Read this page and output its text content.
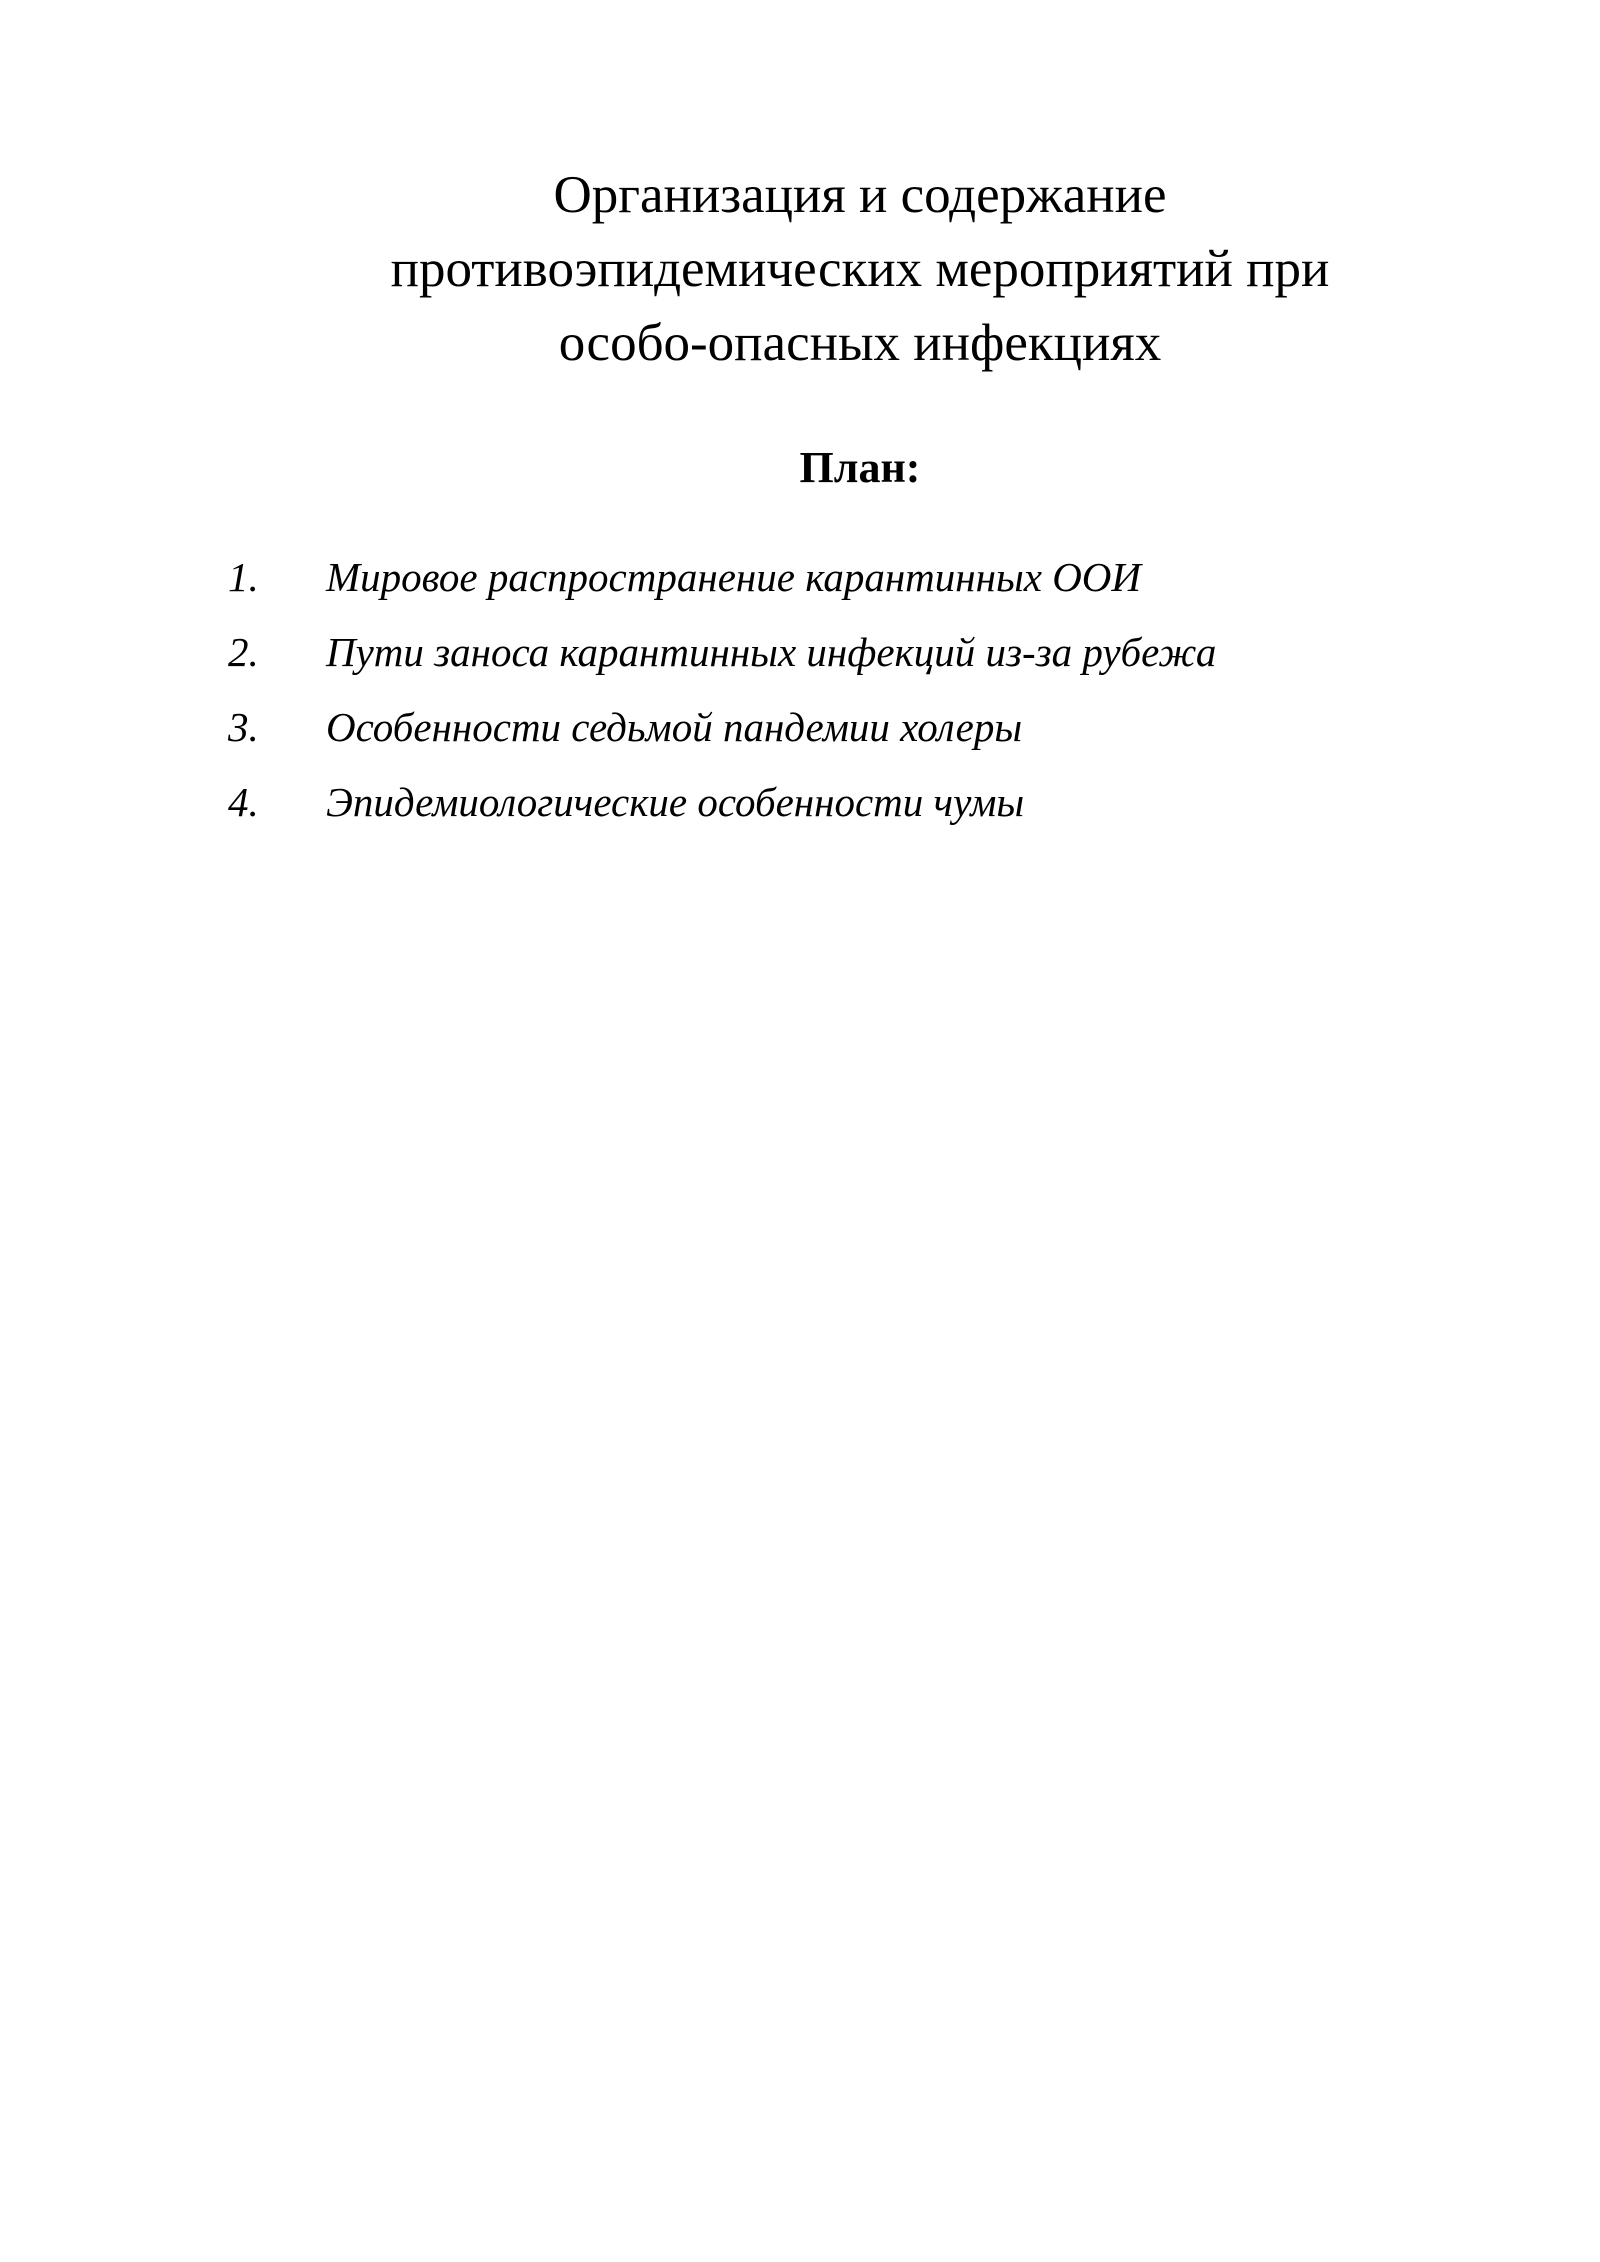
Организация и содержание
противоэпидемических мероприятий при
особо-опасных инфекциях
План:
1. Мировое распространение карантинных ООИ
2. Пути заноса карантинных инфекций из-за рубежа
3. Особенности седьмой пандемии холеры
4. Эпидемиологические особенности чумы
